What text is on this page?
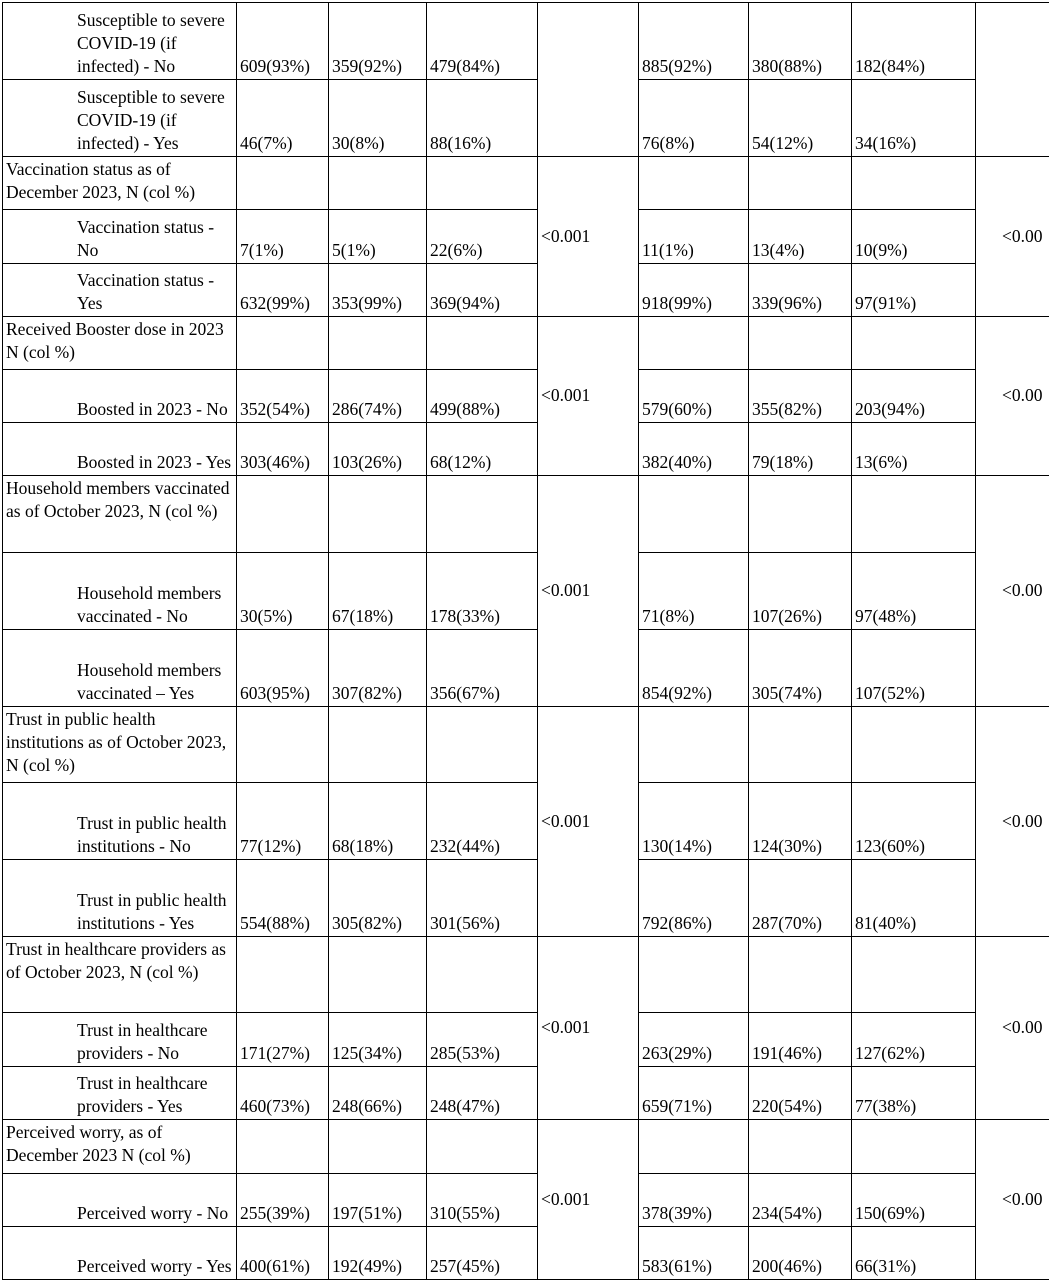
Susceptible to severe COVID-19 (if infected) - No	609(93%)	359(92%)	479(84%)		885(92%)	380(88%)	182(84%)	
Susceptible to severe COVID-19 (if infected) - Yes	46(7%)	30(8%)	88(16%)		76(8%)	54(12%)	34(16%)	
Vaccination status as of December 2023, N (col %)				<0.001				<0.00
Vaccination status - No	7(1%)	5(1%)	22(6%)		11(1%)	13(4%)	10(9%)	
Vaccination status - Yes	632(99%)	353(99%)	369(94%)		918(99%)	339(96%)	97(91%)	
Received Booster dose in 2023 N (col %)				<0.001				<0.00
Boosted in 2023 - No	352(54%)	286(74%)	499(88%)		579(60%)	355(82%)	203(94%)	
Boosted in 2023 - Yes	303(46%)	103(26%)	68(12%)		382(40%)	79(18%)	13(6%)	
Household members vaccinated as of October 2023, N (col %)				<0.001				<0.00
Household members vaccinated - No	30(5%)	67(18%)	178(33%)		71(8%)	107(26%)	97(48%)	
Household members vaccinated – Yes	603(95%)	307(82%)	356(67%)		854(92%)	305(74%)	107(52%)	
Trust in public health institutions as of October 2023, N (col %)				<0.001				<0.00
Trust in public health institutions - No	77(12%)	68(18%)	232(44%)		130(14%)	124(30%)	123(60%)	
Trust in public health institutions - Yes	554(88%)	305(82%)	301(56%)		792(86%)	287(70%)	81(40%)	
Trust in healthcare providers as of October 2023, N (col %)				<0.001				<0.00
Trust in healthcare providers - No	171(27%)	125(34%)	285(53%)		263(29%)	191(46%)	127(62%)	
Trust in healthcare providers - Yes	460(73%)	248(66%)	248(47%)		659(71%)	220(54%)	77(38%)	
Perceived worry, as of December 2023 N (col %)				<0.001				<0.00
Perceived worry - No	255(39%)	197(51%)	310(55%)		378(39%)	234(54%)	150(69%)	
Perceived worry - Yes	400(61%)	192(49%)	257(45%)		583(61%)	200(46%)	66(31%)	
